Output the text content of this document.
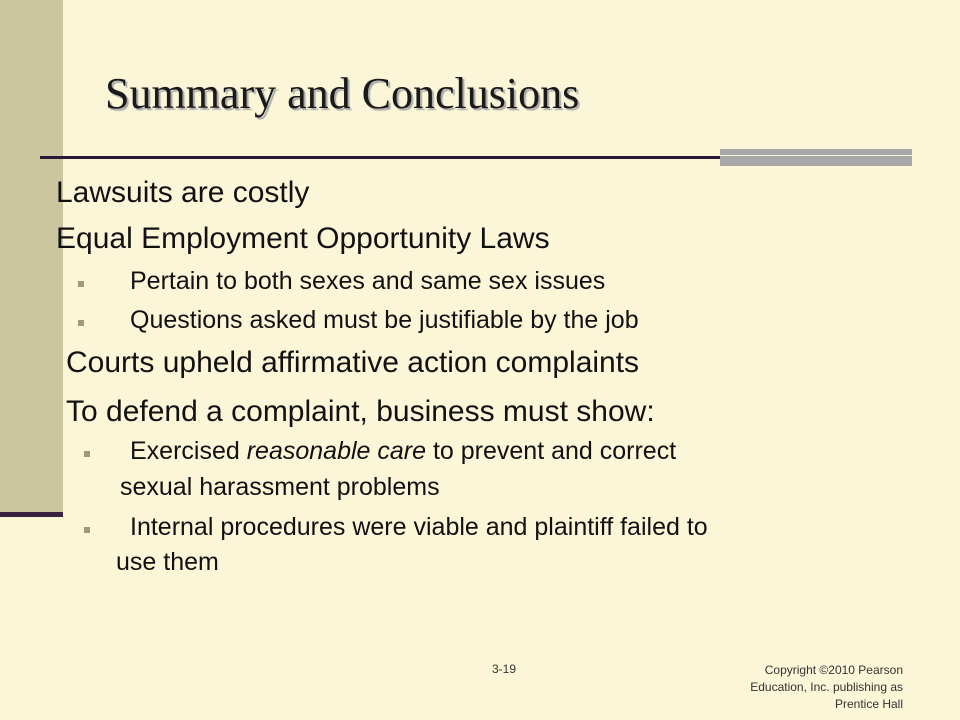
Summary and Conclusions
Lawsuits are costly
Equal Employment Opportunity Laws
Pertain to both sexes and same sex issues
Questions asked must be justifiable by the job
Courts upheld affirmative action complaints
To defend a complaint, business must show:
Exercised reasonable care to prevent and correct
sexual harassment problems
Internal procedures were viable and plaintiff failed to
use them
3-19	Copyright ©2010 Pearson
Education, Inc. publishing as
Prentice Hall
